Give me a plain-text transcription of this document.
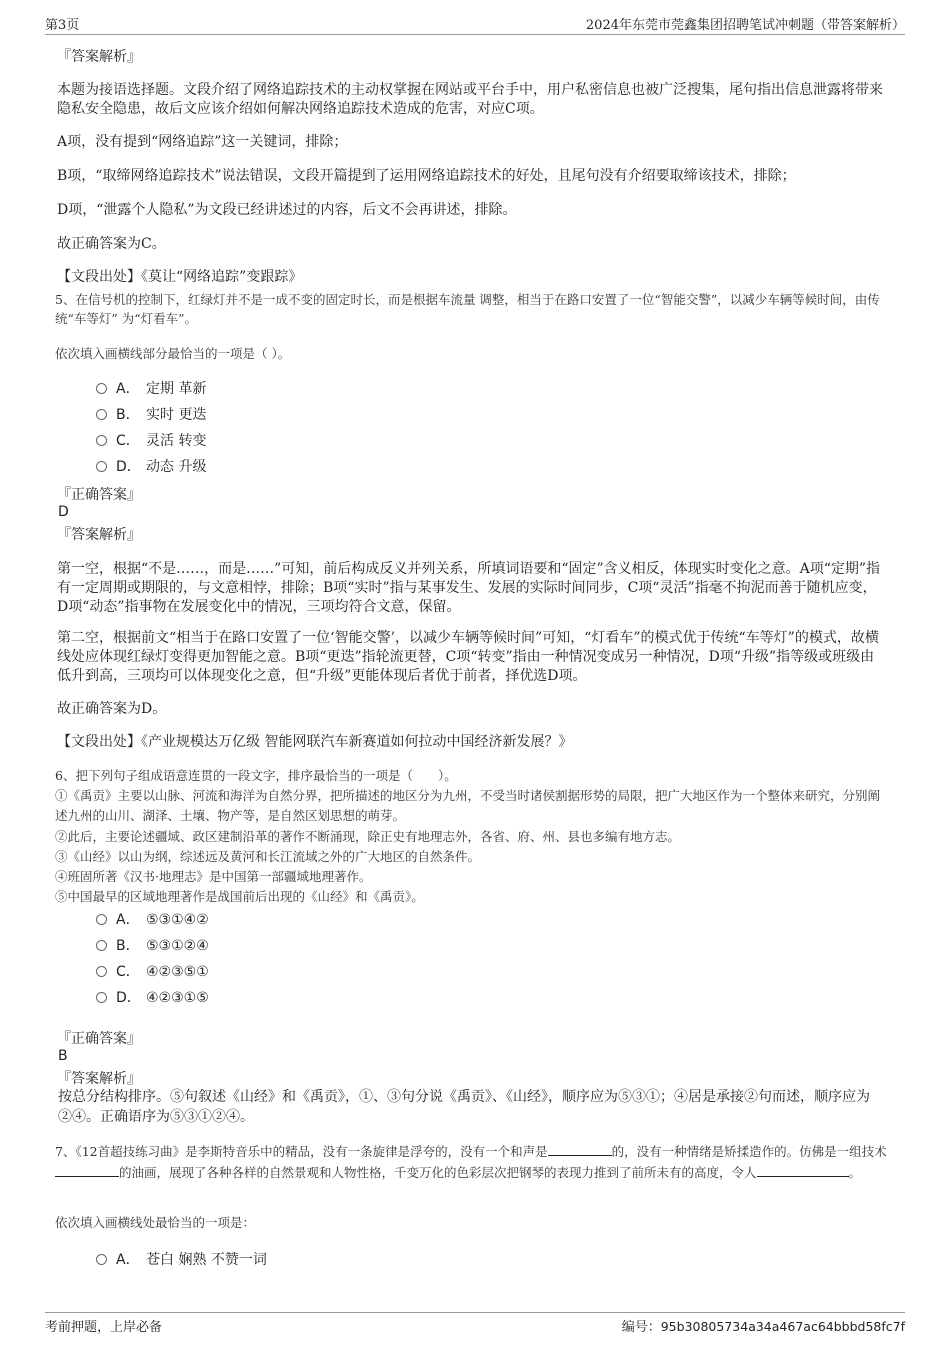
第3页	2024年东莞市莞鑫集团招聘笔试冲刺题（带答案解析）
『答案解析』
本题为接语选择题。文段介绍了网络追踪技术的主动权掌握在网站或平台手中，用户私密信息也被广泛搜集，尾句指出信息泄露将带来隐私安全隐患，故后文应该介绍如何解决网络追踪技术造成的危害，对应C项。
A项，没有提到“网络追踪”这一关键词，排除；
B项，“取缔网络追踪技术”说法错误，文段开篇提到了运用网络追踪技术的好处，且尾句没有介绍要取缔该技术，排除；
D项，“泄露个人隐私”为文段已经讲述过的内容，后文不会再讲述，排除。
故正确答案为C。
【文段出处】《莫让“网络追踪”变跟踪》
5、在信号机的控制下，红绿灯并不是一成不变的固定时长，而是根据车流量 调整，相当于在路口安置了一位“智能交警”，以减少车辆等候时间，由传统“车等灯” 为“灯看车”。
依次填入画横线部分最恰当的一项是（ ）。
A． 定期 革新
B． 实时 更迭
C． 灵活 转变
D． 动态 升级
『正确答案』
D
『答案解析』
第一空，根据“不是……，而是……”可知，前后构成反义并列关系，所填词语要和“固定”含义相反，体现实时变化之意。A项“定期”指有一定周期或期限的，与文意相悖，排除；B项“实时”指与某事发生、发展的实际时间同步，C项“灵活”指毫不拘泥而善于随机应变，D项“动态”指事物在发展变化中的情况，三项均符合文意，保留。
第二空，根据前文“相当于在路口安置了一位‘智能交警’，以减少车辆等候时间”可知，“灯看车”的模式优于传统“车等灯”的模式，故横线处应体现红绿灯变得更加智能之意。B项“更迭”指轮流更替，C项“转变”指由一种情况变成另一种情况，D项“升级”指等级或班级由低升到高，三项均可以体现变化之意，但“升级”更能体现后者优于前者，择优选D项。
故正确答案为D。
【文段出处】《产业规模达万亿级 智能网联汽车新赛道如何拉动中国经济新发展？》
6、把下列句子组成语意连贯的一段文字，排序最恰当的一项是（　　）。
①《禹贡》主要以山脉、河流和海洋为自然分界，把所描述的地区分为九州，不受当时诸侯割据形势的局限，把广大地区作为一个整体来研究，分别阐述九州的山川、湖泽、土壤、物产等，是自然区划思想的萌芽。
②此后，主要论述疆域、政区建制沿革的著作不断涌现，除正史有地理志外，各省、府、州、县也多编有地方志。
③《山经》以山为纲，综述远及黄河和长江流域之外的广大地区的自然条件。
④班固所著《汉书·地理志》是中国第一部疆域地理著作。
⑤中国最早的区域地理著作是战国前后出现的《山经》和《禹贡》。
A． ⑤③①④②
B． ⑤③①②④
C． ④②③⑤①
D． ④②③①⑤
『正确答案』
B
『答案解析』
按总分结构排序。⑤句叙述《山经》和《禹贡》，①、③句分说《禹贡》、《山经》，顺序应为⑤③①；④居是承接②句而述，顺序应为②④。正确语序为⑤③①②④。
7、《12首超技练习曲》是李斯特音乐中的精品，没有一条旋律是浮夸的，没有一个和声是	的，没有一种情绪是矫揉造作的。仿佛是一组技术的油画，展现了各种各样的自然景观和人物性格，千变万化的色彩层次把钢琴的表现力推到了前所未有的高度，令人	。
依次填入画横线处最恰当的一项是：
A． 苍白 娴熟 不赞一词
考前押题，上岸必备	编号：95b30805734a34a467ac64bbbd58fc7f
